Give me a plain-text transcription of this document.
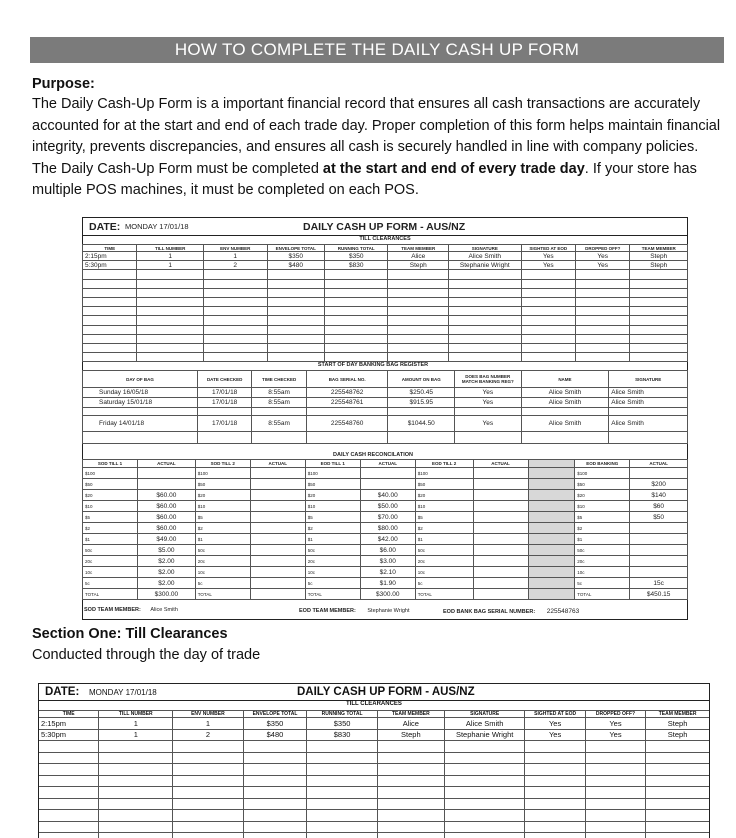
HOW TO COMPLETE THE DAILY CASH UP FORM
Purpose:

The Daily Cash-Up Form is a important financial record that ensures all cash transactions are accurately accounted for at the start and end of each trade day. Proper completion of this form helps maintain financial integrity, prevents discrepancies, and ensures all cash is securely handled in line with company policies. The Daily Cash-Up Form must be completed at the start and end of every trade day. If your store has multiple POS machines, it must be completed on each POS.

DATE: MONDAY 17/01/18	DAILY CASH UP FORM - AUS/NZ
TILL CLEARANCES
TIME	TILL NUMBER	ENV NUMBER	ENVELOPE TOTAL	RUNNING TOTAL	TEAM MEMBER	SIGNATURE	SIGHTED AT EOD	DROPPED OFF?	TEAM MEMBER
2:15pm	1	1	$350	$350	Alice	Alice Smith	Yes	Yes	Steph
5:30pm	1	2	$480	$830	Steph	Stephanie Wright	Yes	Yes	Steph

START OF DAY BANKING BAG REGISTER
DAY OF BAG	DATE CHECKED	TIME CHECKED	BAG SERIAL NO.	AMOUNT ON BAG	DOES BAG NUMBER MATCH BANKING REG?	NAME	SIGNATURE
Sunday 16/05/18	17/01/18	8:55am	225548762	$250.45	Yes	Alice Smith	Alice Smith
Saturday 15/01/18	17/01/18	8:55am	225548761	$915.95	Yes	Alice Smith	Alice Smith

Friday 14/01/18	17/01/18	8:55am	225548760	$1044.50	Yes	Alice Smith	Alice Smith

DAILY CASH RECONCILATION
SOD TILL 1	ACTUAL	SOD TILL 2	ACTUAL	EOD TILL 1	ACTUAL	EOD TILL 2	ACTUAL		EOD BANKING	ACTUAL
$100		$100		$100		$100			$100	
$50		$50		$50		$50			$50	$200
$20	$60.00	$20		$20	$40.00	$20			$20	$140
$10	$60.00	$10		$10	$50.00	$10			$10	$60
$5	$60.00	$5		$5	$70.00	$5			$5	$50
$2	$60.00	$2		$2	$80.00	$2			$2	
$1	$49.00	$1		$1	$42.00	$1			$1	
50c	$5.00	50c		50c	$6.00	50c			50c	
20c	$2.00	20c		20c	$3.00	20c			20c	
10c	$2.00	10c		10c	$2.10	10c			10c	
5c	$2.00	5c		5c	$1.90	5c			5c	15c
TOTAL	$300.00	TOTAL		TOTAL	$300.00	TOTAL			TOTAL	$450.15
SOD TEAM MEMBER: Alice Smith	EOD TEAM MEMBER: Stephanie Wright	EOD BANK BAG SERIAL NUMBER: 225548763
Section One: Till Clearances
Conducted through the day of trade
DATE: MONDAY 17/01/18	DAILY CASH UP FORM - AUS/NZ
TILL CLEARANCES
TIME	TILL NUMBER	ENV NUMBER	ENVELOPE TOTAL	RUNNING TOTAL	TEAM MEMBER	SIGNATURE	SIGHTED AT EOD	DROPPED OFF?	TEAM MEMBER
2:15pm	1	1	$350	$350	Alice	Alice Smith	Yes	Yes	Steph
5:30pm	1	2	$480	$830	Steph	Stephanie Wright	Yes	Yes	Steph
